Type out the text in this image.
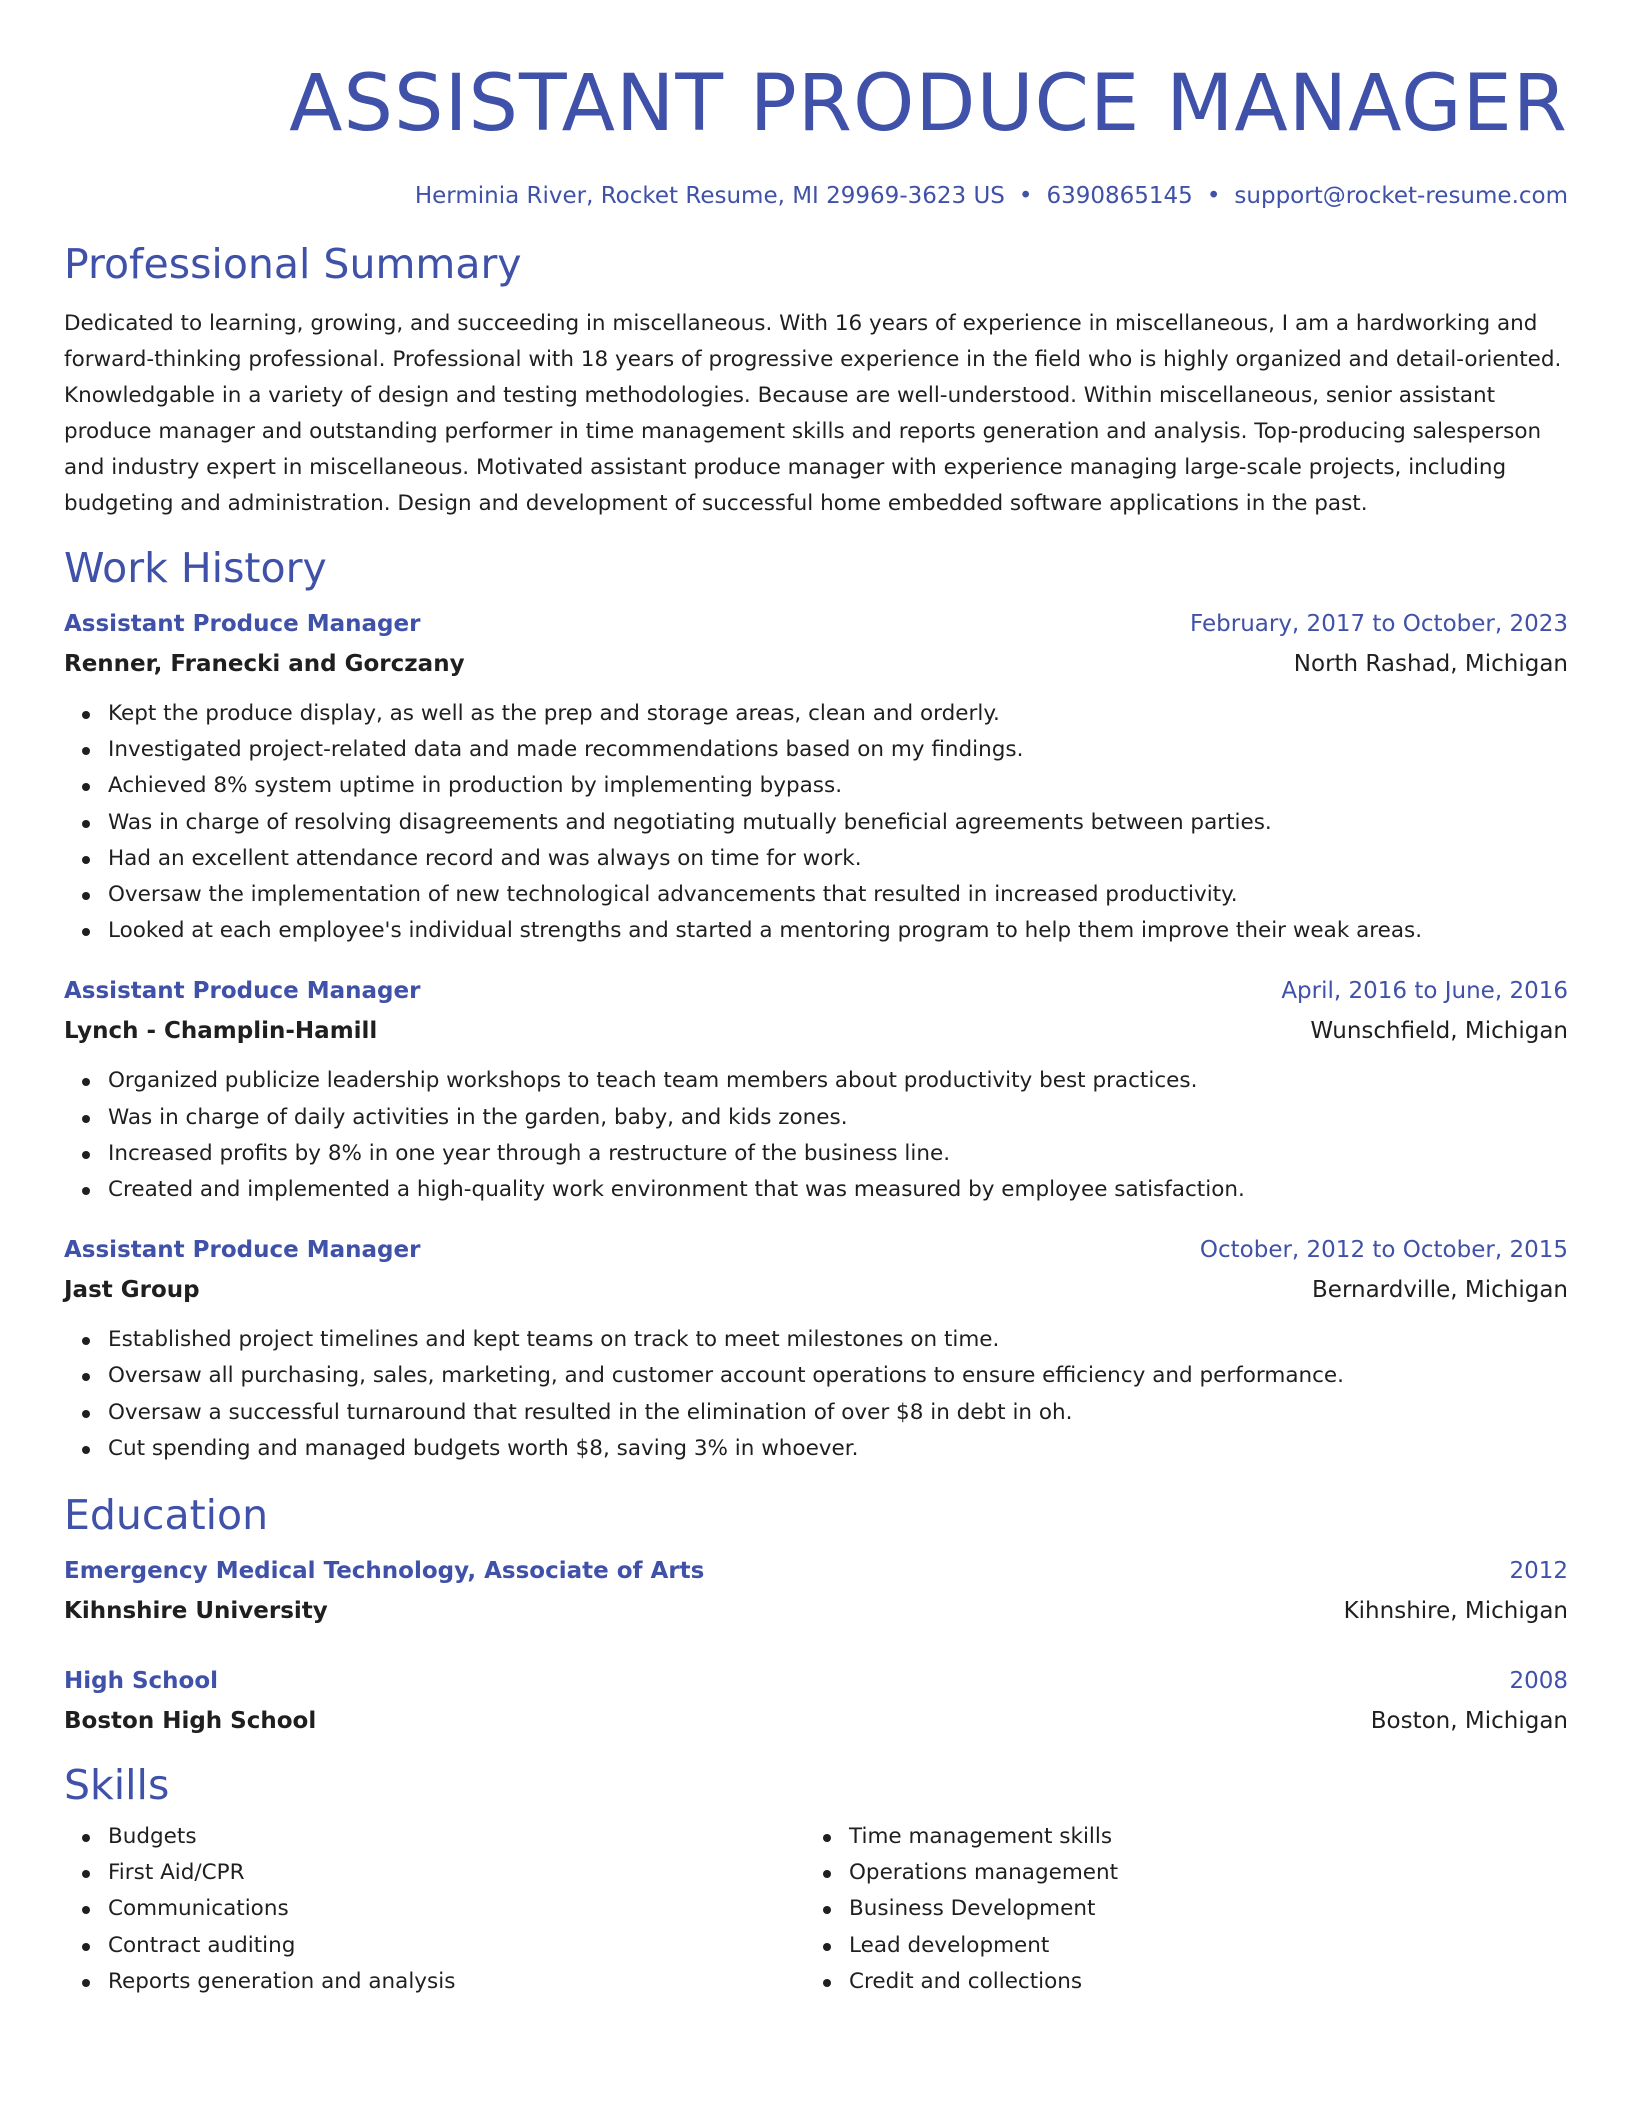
ASSISTANT PRODUCE MANAGER
Herminia River, Rocket Resume, MI 29969-3623 US • 6390865145 • support@rocket-resume.com
Professional Summary

Dedicated to learning, growing, and succeeding in miscellaneous. With 16 years of experience in miscellaneous, I am a hardworking and forward-thinking professional. Professional with 18 years of progressive experience in the field who is highly organized and detail-oriented. Knowledgable in a variety of design and testing methodologies. Because are well-understood. Within miscellaneous, senior assistant produce manager and outstanding performer in time management skills and reports generation and analysis. Top-producing salesperson and industry expert in miscellaneous. Motivated assistant produce manager with experience managing large-scale projects, including budgeting and administration. Design and development of successful home embedded software applications in the past.

Work History
Assistant Produce Manager	February, 2017 to October, 2023
Renner, Franecki and Gorczany	North Rashad, Michigan
Kept the produce display, as well as the prep and storage areas, clean and orderly.
Investigated project-related data and made recommendations based on my findings.
Achieved 8% system uptime in production by implementing bypass.
Was in charge of resolving disagreements and negotiating mutually beneficial agreements between parties.
Had an excellent attendance record and was always on time for work.
Oversaw the implementation of new technological advancements that resulted in increased productivity.
Looked at each employee's individual strengths and started a mentoring program to help them improve their weak areas.
Assistant Produce Manager	April, 2016 to June, 2016
Lynch - Champlin-Hamill	Wunschfield, Michigan
Organized publicize leadership workshops to teach team members about productivity best practices.
Was in charge of daily activities in the garden, baby, and kids zones.
Increased profits by 8% in one year through a restructure of the business line.
Created and implemented a high-quality work environment that was measured by employee satisfaction.
Assistant Produce Manager	October, 2012 to October, 2015
Jast Group	Bernardville, Michigan
Established project timelines and kept teams on track to meet milestones on time.
Oversaw all purchasing, sales, marketing, and customer account operations to ensure efficiency and performance.
Oversaw a successful turnaround that resulted in the elimination of over $8 in debt in oh.
Cut spending and managed budgets worth $8, saving 3% in whoever.
Education
Emergency Medical Technology, Associate of Arts	2012
Kihnshire University	Kihnshire, Michigan
High School	2008
Boston High School	Boston, Michigan
Skills
Budgets
First Aid/CPR
Communications
Contract auditing
Reports generation and analysis
Time management skills
Operations management
Business Development
Lead development
Credit and collections
